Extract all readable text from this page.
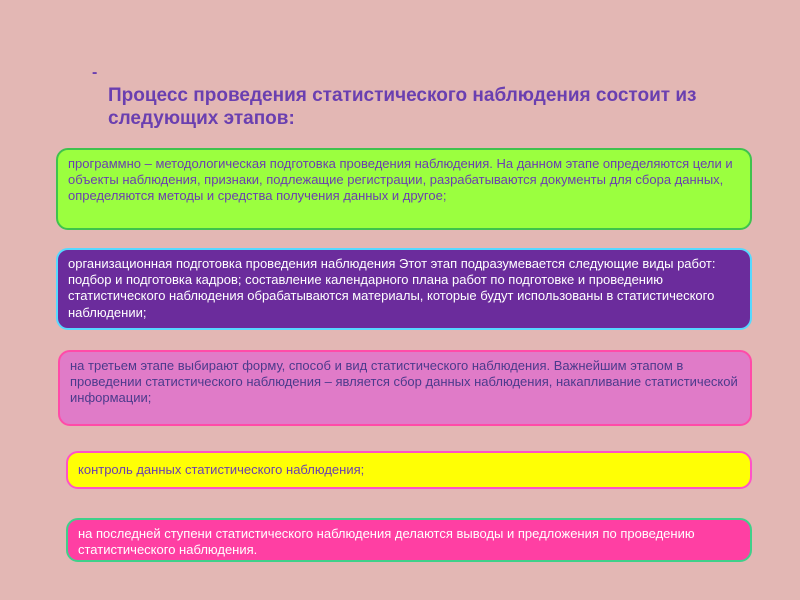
-
Процесс проведения статистического наблюдения состоит из следующих этапов:
программно – методологическая подготовка проведения наблюдения. На данном этапе определяются цели и объекты наблюдения, признаки, подлежащие регистрации, разрабатываются документы для сбора данных, определяются методы и средства получения данных и другое;
организационная подготовка проведения наблюдения Этот этап подразумевается следующие виды работ: подбор и подготовка кадров; составление календарного плана работ по подготовке и проведению статистического наблюдения обрабатываются материалы, которые будут использованы в статистического наблюдении;
на третьем этапе выбирают форму, способ и вид статистического наблюдения. Важнейшим этапом в проведении статистического наблюдения – является сбор данных наблюдения, накапливание статистической информации;
контроль данных статистического наблюдения;
на последней ступени статистического наблюдения делаются выводы и предложения по проведению статистического наблюдения.
